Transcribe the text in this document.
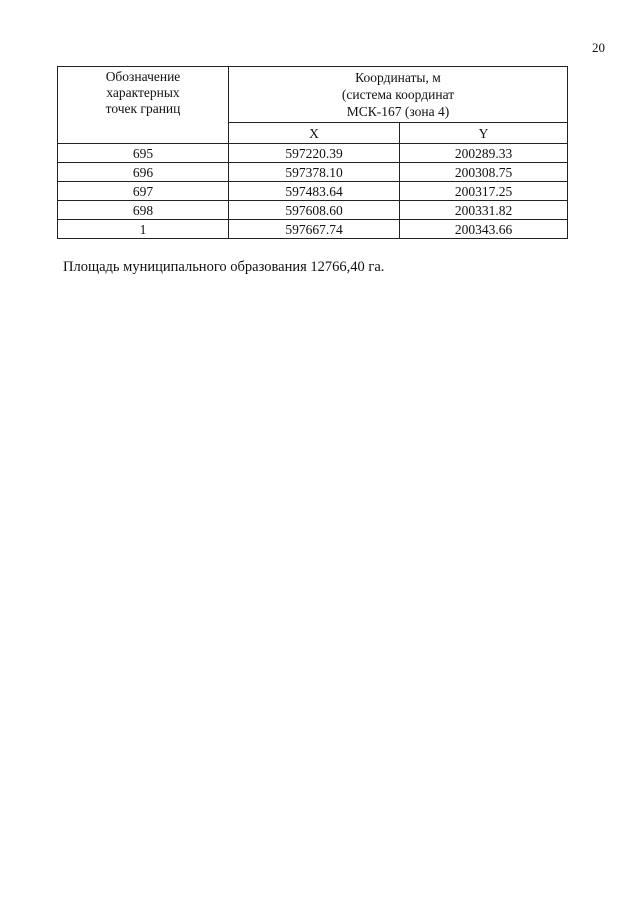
20
Обозначение
характерных
точек границ	Координаты, м
(система координат
МСК-167 (зона 4)	

	X	Y
695	597220.39	200289.33
696	597378.10	200308.75
697	597483.64	200317.25
698	597608.60	200331.82
1	597667.74	200343.66
Площадь муниципального образования 12766,40 га.
